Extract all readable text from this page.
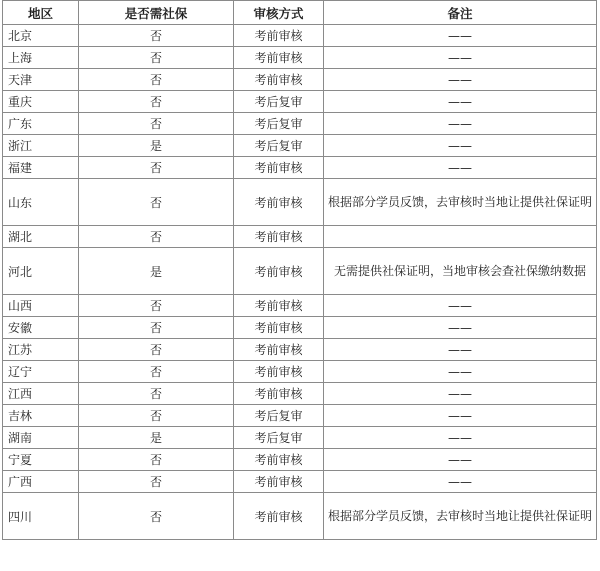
地区	是否需社保	审核方式	备注
北京	否	考前审核	——
上海	否	考前审核	——
天津	否	考前审核	——
重庆	否	考后复审	——
广东	否	考后复审	——
浙江	是	考后复审	——
福建	否	考前审核	——
山东	否	考前审核	根据部分学员反馈，去审核时当地让提供社保证明
湖北	否	考前审核	
河北	是	考前审核	无需提供社保证明，当地审核会查社保缴纳数据
山西	否	考前审核	——
安徽	否	考前审核	——
江苏	否	考前审核	——
辽宁	否	考前审核	——
江西	否	考前审核	——
吉林	否	考后复审	——
湖南	是	考后复审	——
宁夏	否	考前审核	——
广西	否	考前审核	——
四川	否	考前审核	根据部分学员反馈，去审核时当地让提供社保证明
